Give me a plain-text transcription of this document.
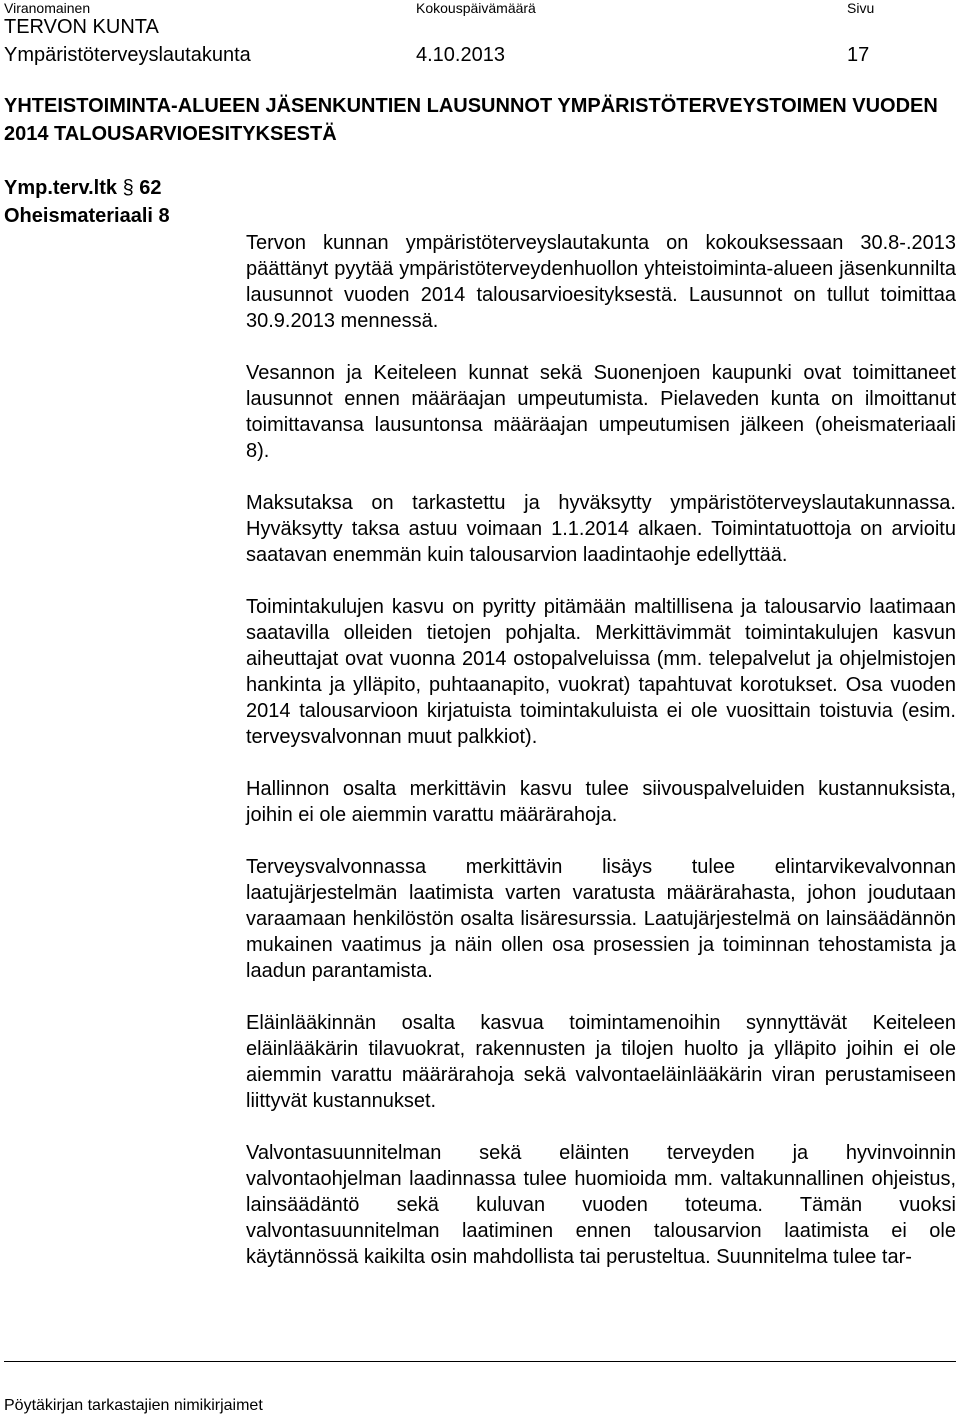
Viranomainen	Kokouspäivämäärä	Sivu
TERVON KUNTA
Ympäristöterveyslautakunta	4.10.2013	17
YHTEISTOIMINTA-ALUEEN JÄSENKUNTIEN LAUSUNNOT YMPÄRISTÖTERVEYSTOIMEN VUODEN 2014 TALOUSARVIOESITYKSESTÄ
Ymp.terv.ltk § 62
Oheismateriaali 8

Tervon kunnan ympäristöterveyslautakunta on kokouksessaan 30.8-.2013 päättänyt pyytää ympäristöterveydenhuollon yhteistoiminta-alueen jäsenkunnilta lausunnot vuoden 2014 talousarvioesityksestä. Lausunnot on tullut toimittaa 30.9.2013 mennessä.

Vesannon ja Keiteleen kunnat sekä Suonenjoen kaupunki ovat toimittaneet lausunnot ennen määräajan umpeutumista. Pielaveden kunta on ilmoittanut toimittavansa lausuntonsa määräajan umpeutumisen jälkeen (oheismateriaali 8).

Maksutaksa on tarkastettu ja hyväksytty ympäristöterveyslautakunnassa. Hyväksytty taksa astuu voimaan 1.1.2014 alkaen. Toimintatuottoja on arvioitu saatavan enemmän kuin talousarvion laadintaohje edellyttää.

Toimintakulujen kasvu on pyritty pitämään maltillisena ja talousarvio laatimaan saatavilla olleiden tietojen pohjalta. Merkittävimmät toimintakulujen kasvun aiheuttajat ovat vuonna 2014 ostopalveluissa (mm. telepalvelut ja ohjelmistojen hankinta ja ylläpito, puhtaanapito, vuokrat) tapahtuvat korotukset. Osa vuoden 2014 talousarvioon kirjatuista toimintakuluista ei ole vuosittain toistuvia (esim. terveysvalvonnan muut palkkiot).

Hallinnon osalta merkittävin kasvu tulee siivouspalveluiden kustannuksista, joihin ei ole aiemmin varattu määrärahoja.

Terveysvalvonnassa merkittävin lisäys tulee elintarvikevalvonnan laatujärjestelmän laatimista varten varatusta määrärahasta, johon joudutaan varaamaan henkilöstön osalta lisäresurssia. Laatujärjestelmä on lainsäädännön mukainen vaatimus ja näin ollen osa prosessien ja toiminnan tehostamista ja laadun parantamista.

Eläinlääkinnän osalta kasvua toimintamenoihin synnyttävät Keiteleen eläinlääkärin tilavuokrat, rakennusten ja tilojen huolto ja ylläpito joihin ei ole aiemmin varattu määrärahoja sekä valvontaeläinlääkärin viran perustamiseen liittyvät kustannukset.

Valvontasuunnitelman sekä eläinten terveyden ja hyvinvoinnin valvontaohjelman laadinnassa tulee huomioida mm. valtakunnallinen ohjeistus, lainsäädäntö sekä kuluvan vuoden toteuma. Tämän vuoksi valvontasuunnitelman laatiminen ennen talousarvion laatimista ei ole käytännössä kaikilta osin mahdollista tai perusteltua. Suunnitelma tulee tar-

Pöytäkirjan tarkastajien nimikirjaimet
